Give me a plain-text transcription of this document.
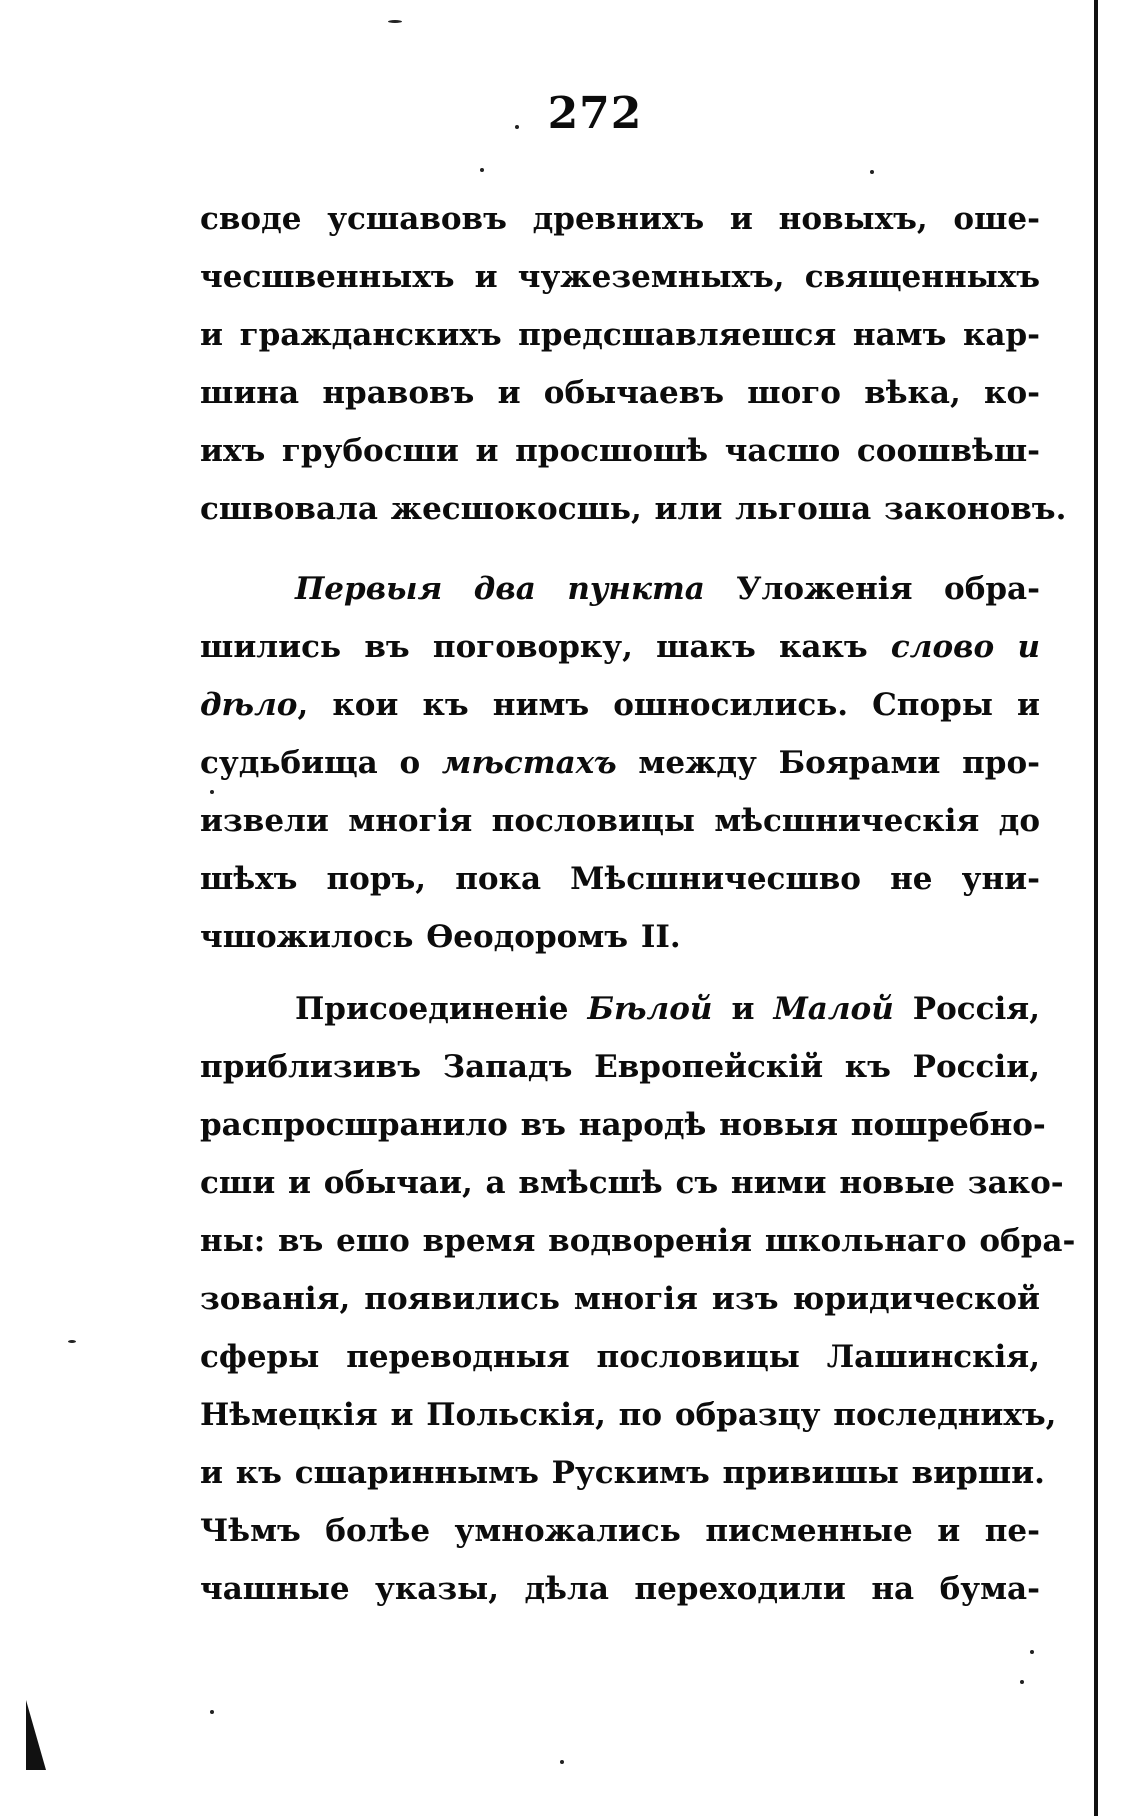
272
своде усшавовъ древнихъ и новыхъ, оше-
чесшвенныхъ и чужеземныхъ, священныхъ
и гражданскихъ предсшавляешся намъ кар-
шина нравовъ и обычаевъ шого вѣка, ко-
ихъ грубосши и просшошѣ часшо соошвѣш-
сшвовала жесшокосшь, или льгоша законовъ.
Первыя два пункта Уложенія обра-
шились въ поговорку, шакъ какъ слово и
дѣло, кои къ нимъ ошносились. Споры и
судьбища о мѣстахъ между Боярами про-
извели многія пословицы мѣсшническія до
шѣхъ поръ, пока Мѣсшничесшво не уни-
чшожилось Ѳеодоромъ II.
Присоединеніе Бѣлой и Малой Россія,
приблизивъ Западъ Европейскій къ Россіи,
распросшранило въ народѣ новыя пошребно-
сши и обычаи, а вмѣсшѣ съ ними новые зако-
ны: въ ешо время водворенія школьнаго обра-
зованія, появились многія изъ юридической
сферы переводныя пословицы Лашинскія,
Нѣмецкія и Польскія, по образцу последнихъ,
и къ сшариннымъ Рускимъ привишы вирши.
Чѣмъ болѣе умножались писменные и пе-
чашные указы, дѣла переходили на бума-
